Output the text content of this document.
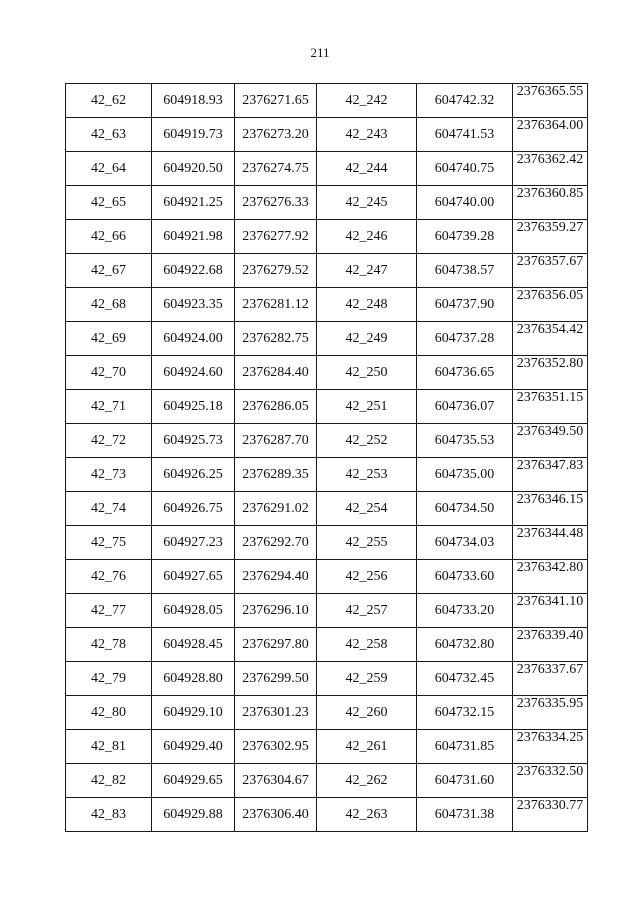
211
42_62	604918.93	2376271.65	42_242	604742.32	2376365.55
42_63	604919.73	2376273.20	42_243	604741.53	2376364.00
42_64	604920.50	2376274.75	42_244	604740.75	2376362.42
42_65	604921.25	2376276.33	42_245	604740.00	2376360.85
42_66	604921.98	2376277.92	42_246	604739.28	2376359.27
42_67	604922.68	2376279.52	42_247	604738.57	2376357.67
42_68	604923.35	2376281.12	42_248	604737.90	2376356.05
42_69	604924.00	2376282.75	42_249	604737.28	2376354.42
42_70	604924.60	2376284.40	42_250	604736.65	2376352.80
42_71	604925.18	2376286.05	42_251	604736.07	2376351.15
42_72	604925.73	2376287.70	42_252	604735.53	2376349.50
42_73	604926.25	2376289.35	42_253	604735.00	2376347.83
42_74	604926.75	2376291.02	42_254	604734.50	2376346.15
42_75	604927.23	2376292.70	42_255	604734.03	2376344.48
42_76	604927.65	2376294.40	42_256	604733.60	2376342.80
42_77	604928.05	2376296.10	42_257	604733.20	2376341.10
42_78	604928.45	2376297.80	42_258	604732.80	2376339.40
42_79	604928.80	2376299.50	42_259	604732.45	2376337.67
42_80	604929.10	2376301.23	42_260	604732.15	2376335.95
42_81	604929.40	2376302.95	42_261	604731.85	2376334.25
42_82	604929.65	2376304.67	42_262	604731.60	2376332.50
42_83	604929.88	2376306.40	42_263	604731.38	2376330.77
